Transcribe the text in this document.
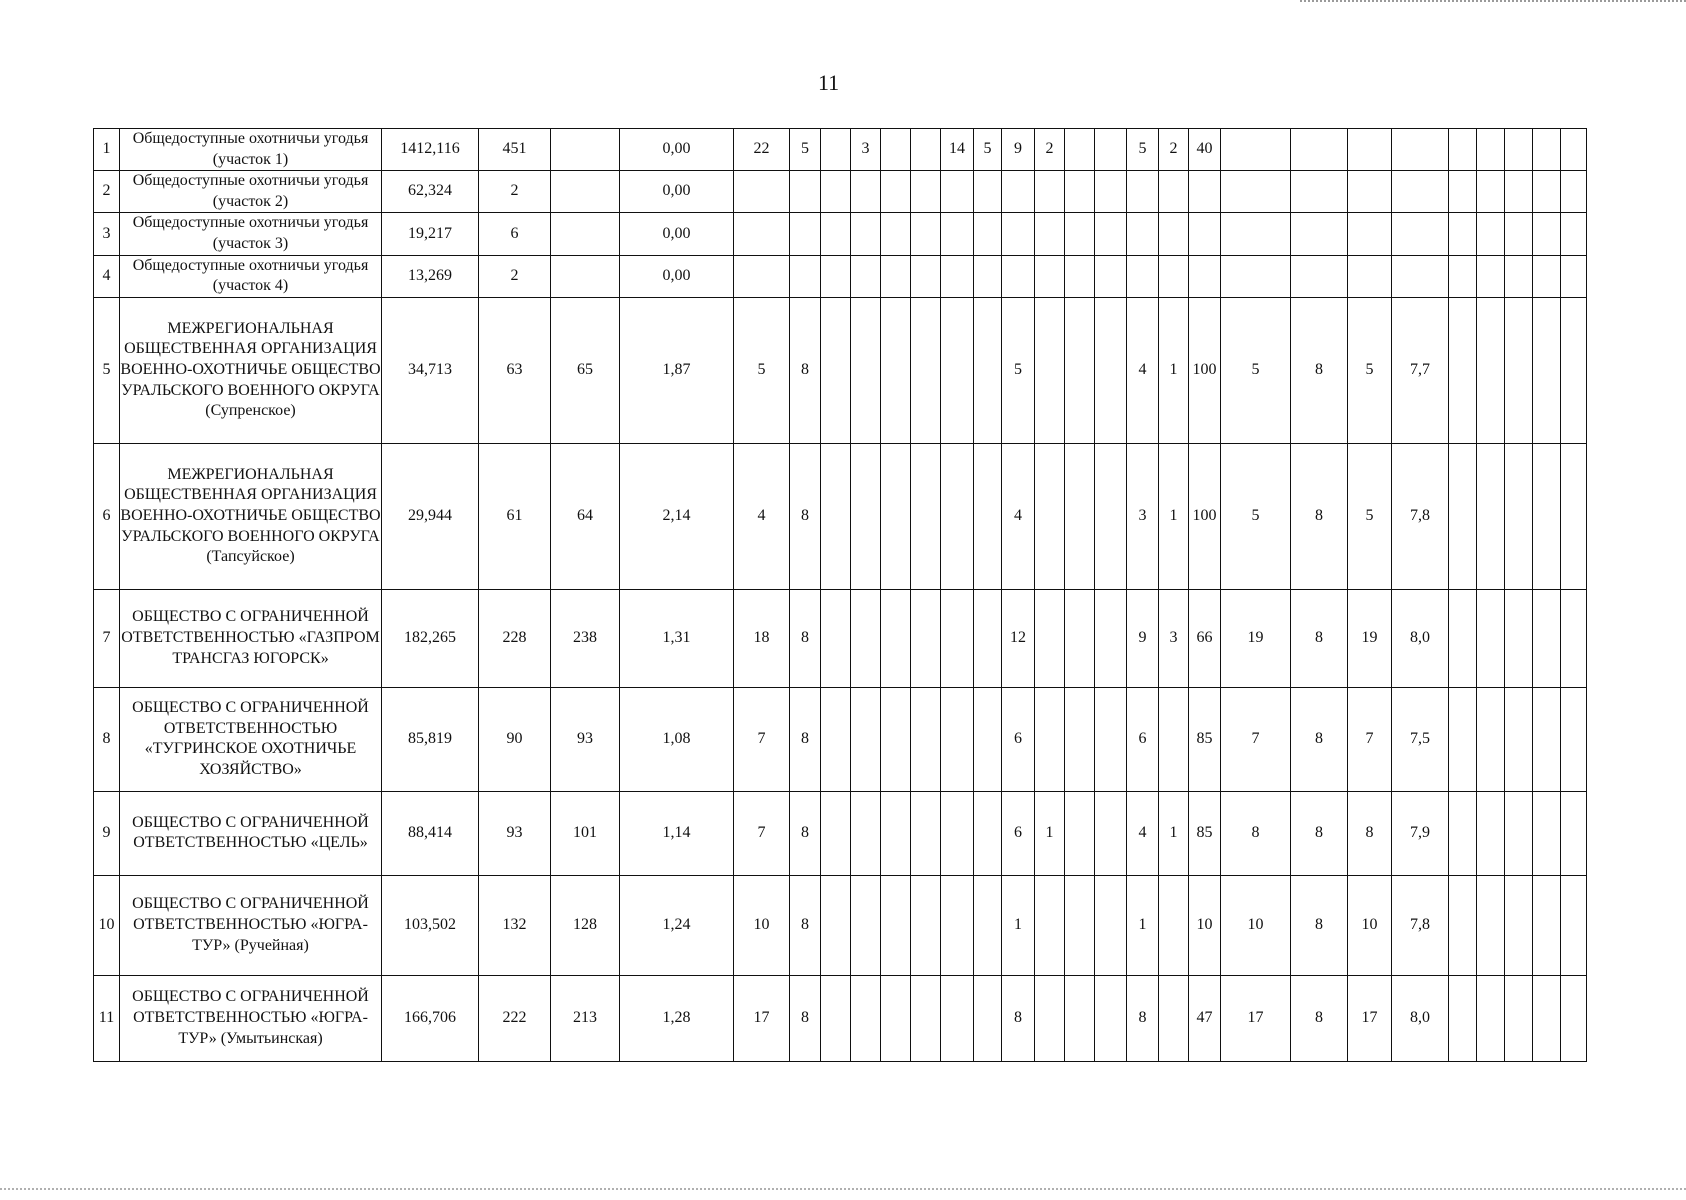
11
1	Общедоступные охотничьи угодья (участок 1)	1412,116	451		0,00	22	5		3			14	5	9	2			5	2	40									
2	Общедоступные охотничьи угодья (участок 2)	62,324	2		0,00																								
3	Общедоступные охотничьи угодья (участок 3)	19,217	6		0,00																								
4	Общедоступные охотничьи угодья (участок 4)	13,269	2		0,00																								
5	МЕЖРЕГИОНАЛЬНАЯ ОБЩЕСТВЕННАЯ ОРГАНИЗАЦИЯ ВОЕННО-ОХОТНИЧЬЕ ОБЩЕСТВО УРАЛЬСКОГО ВОЕННОГО ОКРУГА (Супренское)	34,713	63	65	1,87	5	8							5				4	1	100	5	8	5	7,7					
6	МЕЖРЕГИОНАЛЬНАЯ ОБЩЕСТВЕННАЯ ОРГАНИЗАЦИЯ ВОЕННО-ОХОТНИЧЬЕ ОБЩЕСТВО УРАЛЬСКОГО ВОЕННОГО ОКРУГА (Тапсуйское)	29,944	61	64	2,14	4	8							4				3	1	100	5	8	5	7,8					
7	ОБЩЕСТВО С ОГРАНИЧЕННОЙ ОТВЕТСТВЕННОСТЬЮ «ГАЗПРОМ ТРАНСГАЗ ЮГОРСК»	182,265	228	238	1,31	18	8							12				9	3	66	19	8	19	8,0					
8	ОБЩЕСТВО С ОГРАНИЧЕННОЙ ОТВЕТСТВЕННОСТЬЮ «ТУГРИНСКОЕ ОХОТНИЧЬЕ ХОЗЯЙСТВО»	85,819	90	93	1,08	7	8							6				6		85	7	8	7	7,5					
9	ОБЩЕСТВО С ОГРАНИЧЕННОЙ ОТВЕТСТВЕННОСТЬЮ «ЦЕЛЬ»	88,414	93	101	1,14	7	8							6	1			4	1	85	8	8	8	7,9					
10	ОБЩЕСТВО С ОГРАНИЧЕННОЙ ОТВЕТСТВЕННОСТЬЮ «ЮГРА-ТУР» (Ручейная)	103,502	132	128	1,24	10	8							1				1		10	10	8	10	7,8					
11	ОБЩЕСТВО С ОГРАНИЧЕННОЙ ОТВЕТСТВЕННОСТЬЮ «ЮГРА-ТУР» (Умытьинская)	166,706	222	213	1,28	17	8							8				8		47	17	8	17	8,0					
